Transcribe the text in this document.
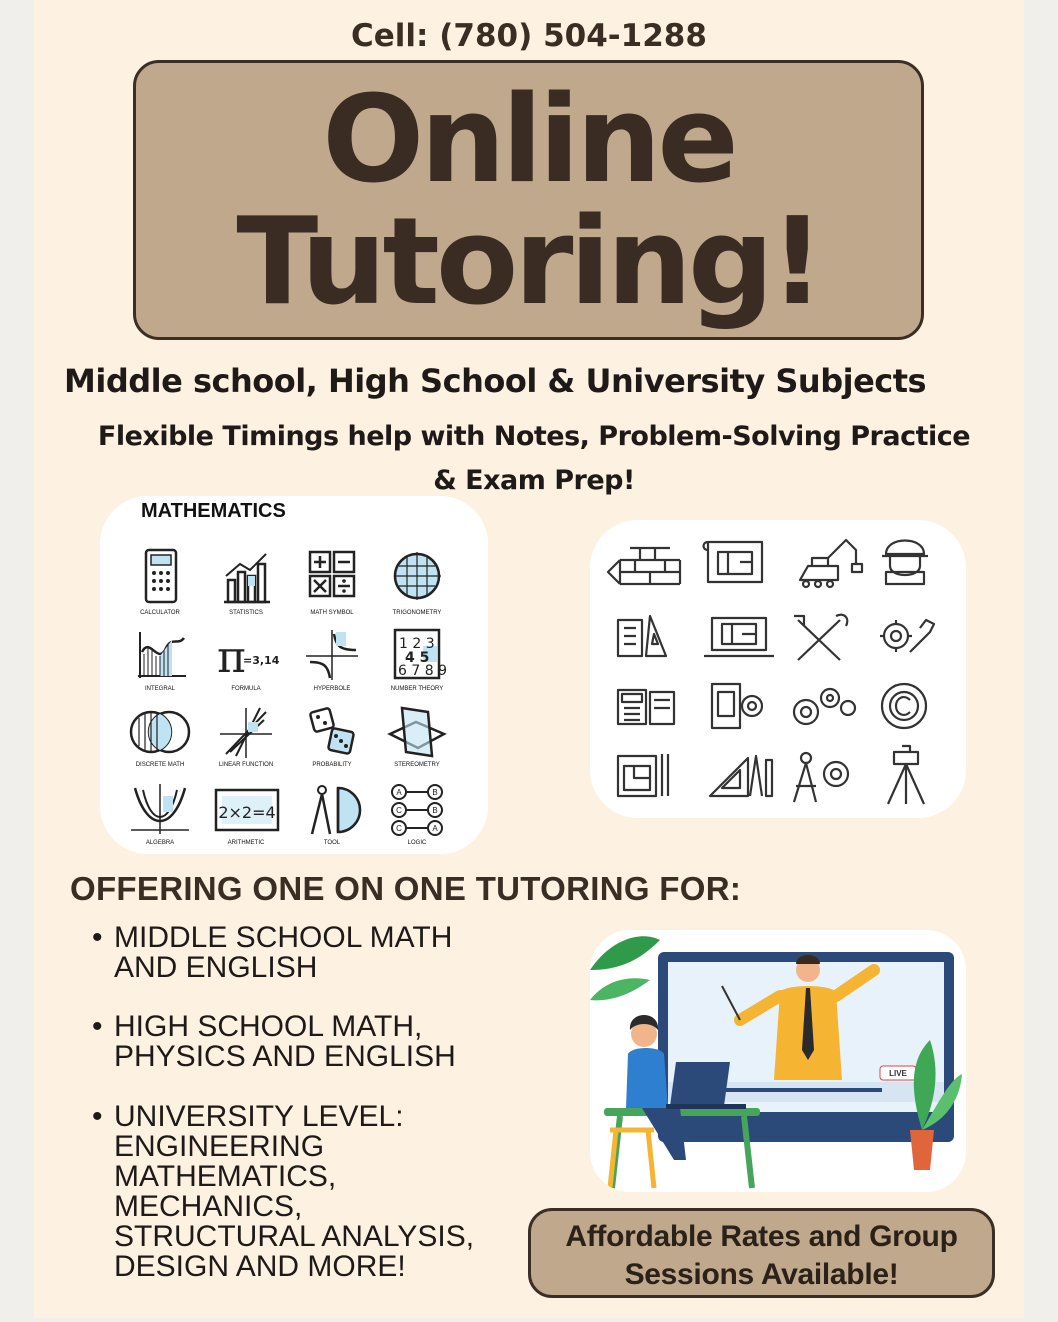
Cell: (780) 504-1288
Online
Tutoring!
Middle school, High School & University Subjects
Flexible Timings help with Notes, Problem-Solving Practice
& Exam Prep!
MATHEMATICS
CALCULATOR	STATISTICS	MATH SYMBOL	TRIGONOMETRY
INTEGRAL
π
=3,14
FORMULA	HYPERBOLE
1 2 3
4 5
6 7 8 9
NUMBER THEORY
DISCRETE MATH	LINEAR FUNCTION	PROBABILITY	STEREOMETRY
ALGEBRA
2×2=4
ARITHMETIC	TOOL
A
C
C
B
B
A
LOGIC
OFFERING ONE ON ONE TUTORING FOR:
• MIDDLE SCHOOL MATH
AND ENGLISH
• HIGH SCHOOL MATH,
PHYSICS AND ENGLISH
• UNIVERSITY LEVEL:
ENGINEERING
MATHEMATICS,
MECHANICS,
STRUCTURAL ANALYSIS,
DESIGN AND MORE!
LIVE
Affordable Rates and Group
Sessions Available!
